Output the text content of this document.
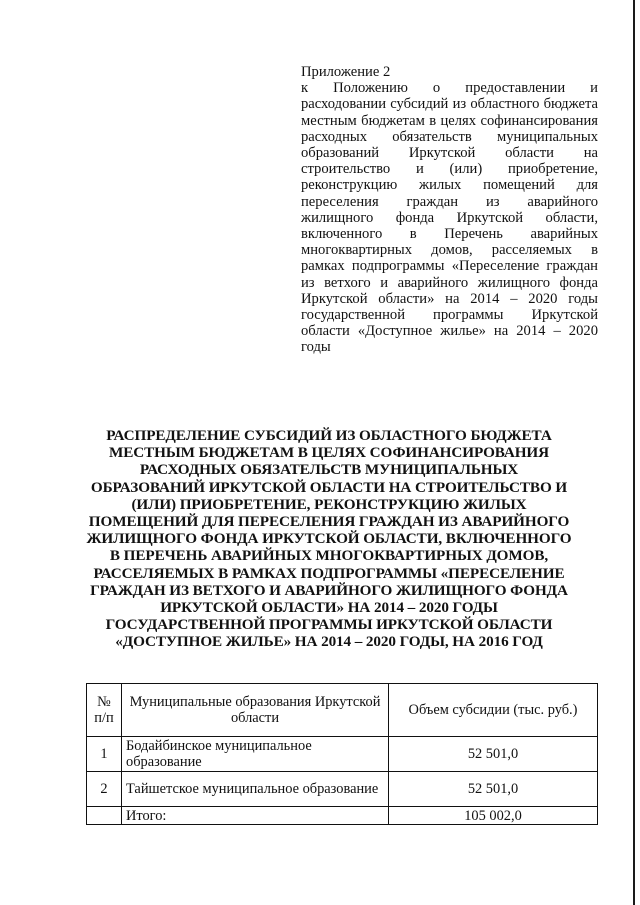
Приложение 2
к Положению о предоставлении и расходовании субсидий из областного бюджета местным бюджетам в целях софинансирования расходных обязательств муниципальных образований Иркутской области на строительство и (или) приобретение, реконструкцию жилых помещений для переселения граждан из аварийного жилищного фонда Иркутской области, включенного в Перечень аварийных многоквартирных домов, расселяемых в рамках подпрограммы «Переселение граждан из ветхого и аварийного жилищного фонда Иркутской области» на 2014 – 2020 годы государственной программы Иркутской области «Доступное жилье» на 2014 – 2020 годы
РАСПРЕДЕЛЕНИЕ СУБСИДИЙ ИЗ ОБЛАСТНОГО БЮДЖЕТА МЕСТНЫМ БЮДЖЕТАМ В ЦЕЛЯХ СОФИНАНСИРОВАНИЯ РАСХОДНЫХ ОБЯЗАТЕЛЬСТВ МУНИЦИПАЛЬНЫХ ОБРАЗОВАНИЙ ИРКУТСКОЙ ОБЛАСТИ НА СТРОИТЕЛЬСТВО И (ИЛИ) ПРИОБРЕТЕНИЕ, РЕКОНСТРУКЦИЮ ЖИЛЫХ ПОМЕЩЕНИЙ ДЛЯ ПЕРЕСЕЛЕНИЯ ГРАЖДАН ИЗ АВАРИЙНОГО ЖИЛИЩНОГО ФОНДА ИРКУТСКОЙ ОБЛАСТИ, ВКЛЮЧЕННОГО В ПЕРЕЧЕНЬ АВАРИЙНЫХ МНОГОКВАРТИРНЫХ ДОМОВ, РАССЕЛЯЕМЫХ В РАМКАХ ПОДПРОГРАММЫ «ПЕРЕСЕЛЕНИЕ ГРАЖДАН ИЗ ВЕТХОГО И АВАРИЙНОГО ЖИЛИЩНОГО ФОНДА ИРКУТСКОЙ ОБЛАСТИ» НА 2014 – 2020 ГОДЫ ГОСУДАРСТВЕННОЙ ПРОГРАММЫ ИРКУТСКОЙ ОБЛАСТИ «ДОСТУПНОЕ ЖИЛЬЕ» НА 2014 – 2020 ГОДЫ, НА 2016 ГОД
№ п/п	Муниципальные образования Иркутской области	Объем субсидии (тыс. руб.)
1	Бодайбинское муниципальное образование	52 501,0
2	Тайшетское муниципальное образование	52 501,0
	Итого:	105 002,0
